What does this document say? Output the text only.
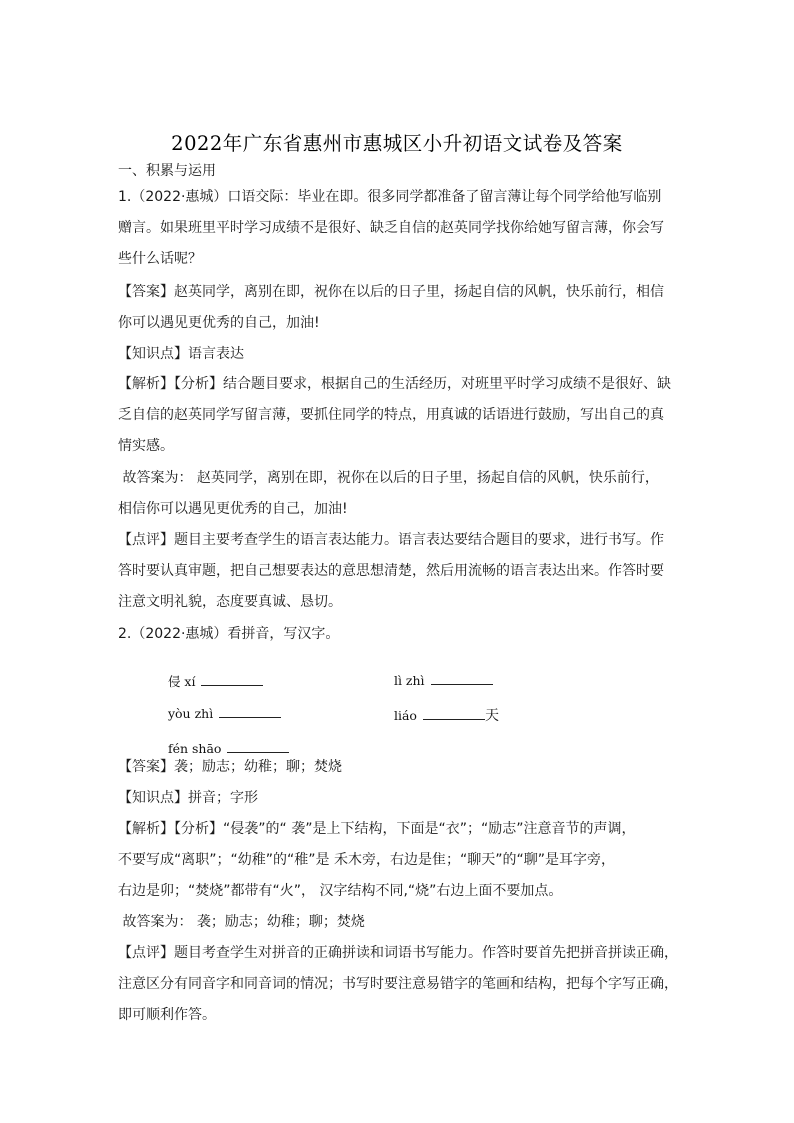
2022年广东省惠州市惠城区小升初语文试卷及答案
一、积累与运用
1.（2022·惠城）口语交际：毕业在即。很多同学都准备了留言薄让每个同学给他写临别
赠言。如果班里平时学习成绩不是很好、缺乏自信的赵英同学找你给她写留言薄，你会写
些什么话呢？
【答案】赵英同学，离别在即，祝你在以后的日子里，扬起自信的风帆，快乐前行，相信
你可以遇见更优秀的自己，加油!
【知识点】语言表达
【解析】【分析】结合题目要求，根据自己的生活经历，对班里平时学习成绩不是很好、缺
乏自信的赵英同学写留言薄，要抓住同学的特点，用真诚的话语进行鼓励，写出自己的真
情实感。
故答案为： 赵英同学，离别在即，祝你在以后的日子里，扬起自信的风帆，快乐前行，
相信你可以遇见更优秀的自己，加油!
【点评】题目主要考查学生的语言表达能力。语言表达要结合题目的要求，进行书写。作
答时要认真审题，把自己想要表达的意思想清楚，然后用流畅的语言表达出来。作答时要
注意文明礼貌，态度要真诚、恳切。
2.（2022·惠城）看拼音，写汉字。

侵 xí	lì zhì

yòu zhì	liáo	天

fén shāo

【答案】袭；励志；幼稚；聊；焚烧
【知识点】拼音；字形
【解析】【分析】“侵袭”的“ 袭”是上下结构，下面是“衣”；“励志”注意音节的声调，
不要写成“离职”；“幼稚”的“稚”是 禾木旁，右边是隹；“聊天”的“聊”是耳字旁，
右边是卯；“焚烧”都带有“火”， 汉字结构不同,“烧”右边上面不要加点。
故答案为： 袭；励志；幼稚；聊；焚烧
【点评】题目考查学生对拼音的正确拼读和词语书写能力。作答时要首先把拼音拼读正确，
注意区分有同音字和同音词的情况；书写时要注意易错字的笔画和结构，把每个字写正确，
即可顺利作答。
